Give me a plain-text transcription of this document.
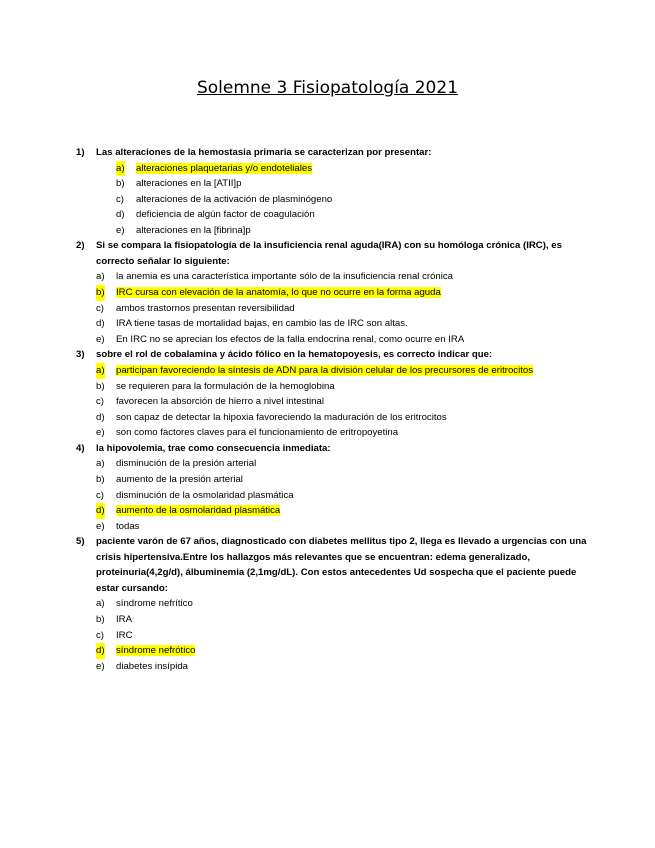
Solemne 3 Fisiopatología 2021

1) Las alteraciones de la hemostasia primaria se caracterizan por presentar:

a) alteraciones plaquetarias y/o endoteliales
b) alteraciones en la [ATII]p
c) alteraciones de la activación de plasminógeno
d) deficiencia de algún factor de coagulación
e) alteraciones en la [fibrina]p

2) Si se compara la fisiopatología de la insuficiencia renal aguda(IRA) con su homóloga crónica (IRC), es correcto señalar lo siguiente:

a) la anemia es una característica importante sólo de la insuficiencia renal crónica
b) IRC cursa con elevación de la anatomía, lo que no ocurre en la forma aguda
c) ambos trastornos presentan reversibilidad
d) IRA tiene tasas de mortalidad bajas, en cambio las de IRC son altas.
e) En IRC no se aprecian los efectos de la falla endocrina renal, como ocurre en IRA

3) sobre el rol de cobalamina y ácido fólico en la hematopoyesis, es correcto indicar que:

a) participan favoreciendo la síntesis de ADN para la división celular de los precursores de eritrocitos
b) se requieren para la formulación de la hemoglobina
c) favorecen la absorción de hierro a nivel intestinal
d) son capaz de detectar la hipoxia favoreciendo la maduración de los eritrocitos
e) son como factores claves para el funcionamiento de eritropoyetina

4) la hipovolemia, trae como consecuencia inmediata:

a) disminución de la presión arterial
b) aumento de la presión arterial
c) disminución de la osmolaridad plasmática
d) aumento de la osmolaridad plasmática
e) todas

5) paciente varón de 67 años, diagnosticado con diabetes mellitus tipo 2, llega es llevado a urgencias con una crisis hipertensiva.Entre los hallazgos más relevantes que se encuentran: edema generalizado, proteinuria(4,2g/d), álbuminemia (2,1mg/dL). Con estos antecedentes Ud sospecha que el paciente puede estar cursando:

a) síndrome nefrítico
b) IRA
c) IRC
d) síndrome nefrótico
e) diabetes insípida
